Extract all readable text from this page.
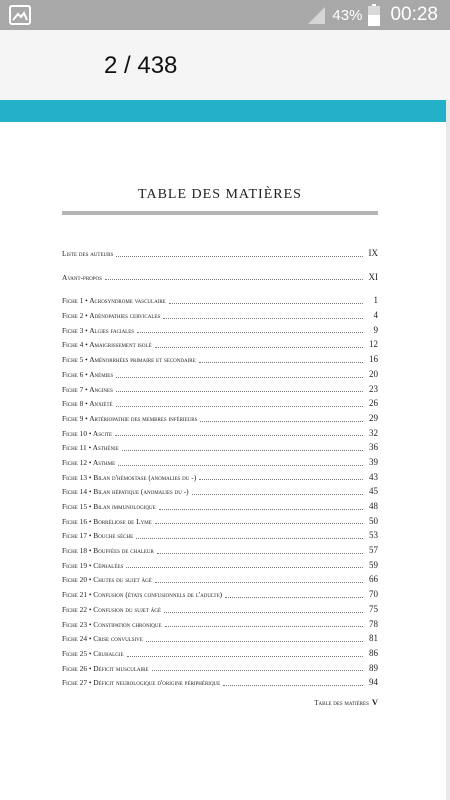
43% 00:28
2 / 438
TABLE DES MATIÈRES
Liste des auteurs	IX
Avant-propos	XI
Fiche 1 • Acrosyndrome vasculaire	1
Fiche 2 • Adénopathies cervicales	4
Fiche 3 • Algies faciales	9
Fiche 4 • Amaigrissement isolé	12
Fiche 5 • Aménorrhées primaire et secondaire	16
Fiche 6 • Anémies	20
Fiche 7 • Angines	23
Fiche 8 • Anxiété	26
Fiche 9 • Artériopathie des membres inférieurs	29
Fiche 10 • Ascite	32
Fiche 11 • Asthénie	36
Fiche 12 • Asthme	39
Fiche 13 • Bilan d'hémostase (anomalies du -)	43
Fiche 14 • Bilan hépatique (anomalies du -)	45
Fiche 15 • Bilan immunologique	48
Fiche 16 • Borréliose de Lyme	50
Fiche 17 • Bouche sèche	53
Fiche 18 • Bouffées de chaleur	57
Fiche 19 • Céphalées	59
Fiche 20 • Chutes du sujet âgé	66
Fiche 21 • Confusion (états confusionnels de l'adulte)	70
Fiche 22 • Confusion du sujet âgé	75
Fiche 23 • Constipation chronique	78
Fiche 24 • Crise convulsive	81
Fiche 25 • Cruralgie	86
Fiche 26 • Déficit musculaire	89
Fiche 27 • Déficit neurologique d'origine périphérique	94
Table des matières V
